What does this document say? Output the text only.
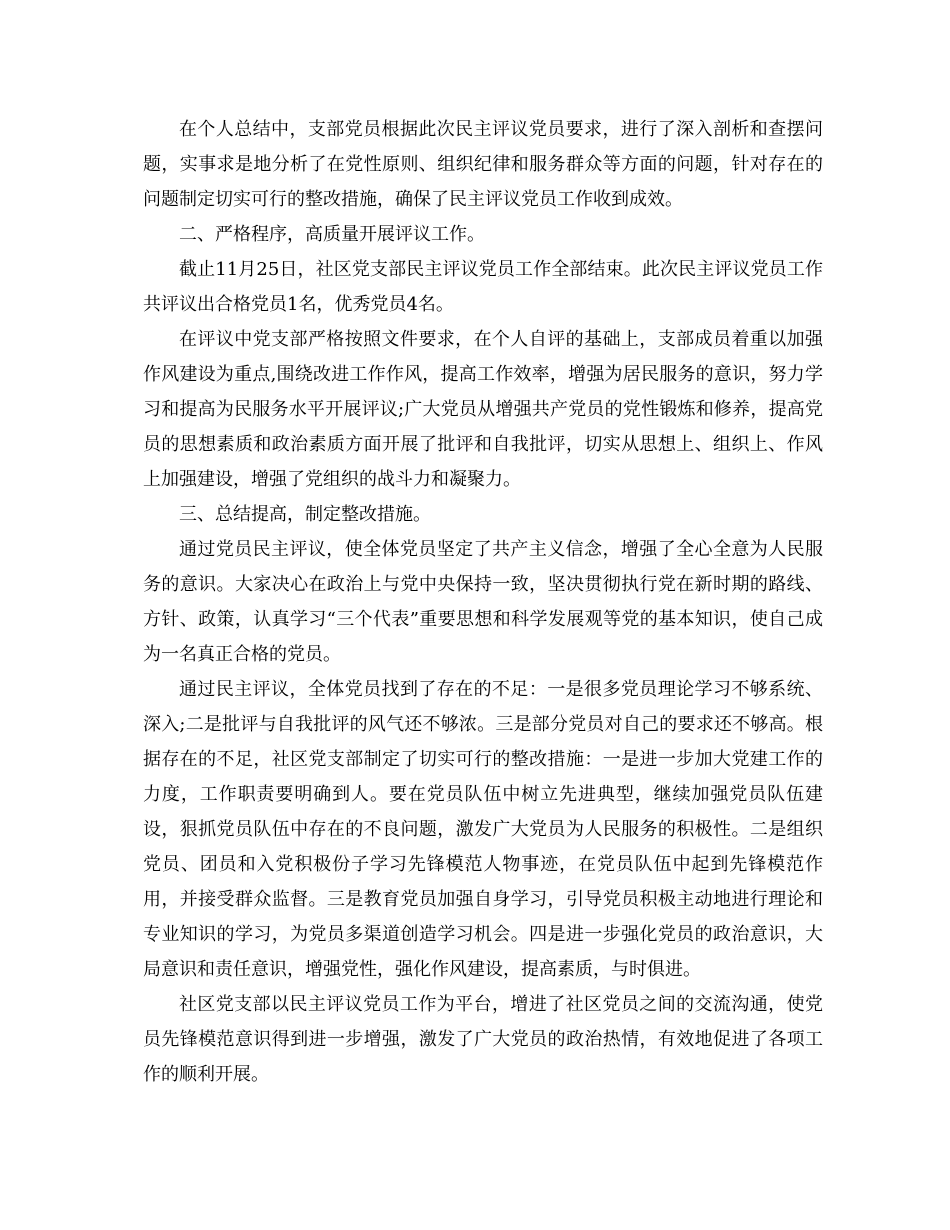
在个人总结中，支部党员根据此次民主评议党员要求，进行了深入剖析和查摆问题，实事求是地分析了在党性原则、组织纪律和服务群众等方面的问题，针对存在的问题制定切实可行的整改措施，确保了民主评议党员工作收到成效。

二、严格程序，高质量开展评议工作。

截止11月25日，社区党支部民主评议党员工作全部结束。此次民主评议党员工作共评议出合格党员1名，优秀党员4名。

在评议中党支部严格按照文件要求，在个人自评的基础上，支部成员着重以加强作风建设为重点,围绕改进工作作风，提高工作效率，增强为居民服务的意识，努力学习和提高为民服务水平开展评议;广大党员从增强共产党员的党性锻炼和修养，提高党员的思想素质和政治素质方面开展了批评和自我批评，切实从思想上、组织上、作风上加强建设，增强了党组织的战斗力和凝聚力。

三、总结提高，制定整改措施。

通过党员民主评议，使全体党员坚定了共产主义信念，增强了全心全意为人民服务的意识。大家决心在政治上与党中央保持一致，坚决贯彻执行党在新时期的路线、方针、政策，认真学习“三个代表”重要思想和科学发展观等党的基本知识，使自己成为一名真正合格的党员。

通过民主评议，全体党员找到了存在的不足：一是很多党员理论学习不够系统、深入;二是批评与自我批评的风气还不够浓。三是部分党员对自己的要求还不够高。根据存在的不足，社区党支部制定了切实可行的整改措施：一是进一步加大党建工作的力度，工作职责要明确到人。要在党员队伍中树立先进典型，继续加强党员队伍建设，狠抓党员队伍中存在的不良问题，激发广大党员为人民服务的积极性。二是组织党员、团员和入党积极份子学习先锋模范人物事迹，在党员队伍中起到先锋模范作用，并接受群众监督。三是教育党员加强自身学习，引导党员积极主动地进行理论和专业知识的学习，为党员多渠道创造学习机会。四是进一步强化党员的政治意识，大局意识和责任意识，增强党性，强化作风建设，提高素质，与时俱进。

社区党支部以民主评议党员工作为平台，增进了社区党员之间的交流沟通，使党员先锋模范意识得到进一步增强，激发了广大党员的政治热情，有效地促进了各项工作的顺利开展。
